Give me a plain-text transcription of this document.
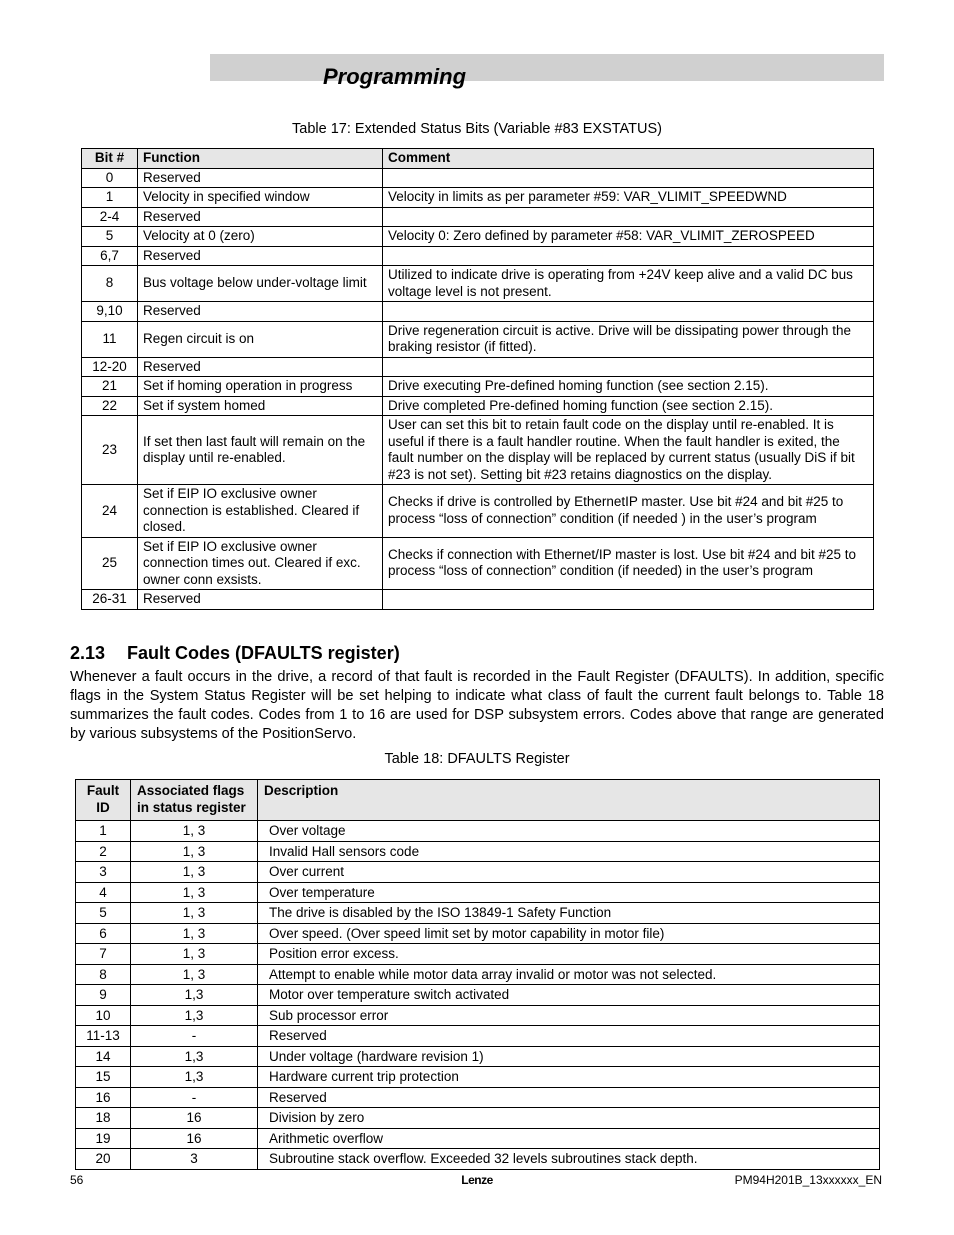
Programming
Table 17: Extended Status Bits (Variable #83 EXSTATUS)
Bit #	Function	Comment
0	Reserved	
1	Velocity in specified window	Velocity in limits as per parameter #59: VAR_VLIMIT_SPEEDWND
2-4	Reserved	
5	Velocity at 0 (zero)	Velocity 0: Zero defined by parameter #58: VAR_VLIMIT_ZEROSPEED
6,7	Reserved	
8	Bus voltage below under-voltage limit	Utilized to indicate drive is operating from +24V keep alive and a valid DC bus voltage level is not present.
9,10	Reserved	
11	Regen circuit is on	Drive regeneration circuit is active. Drive will be dissipating power through the braking resistor (if fitted).
12-20	Reserved	
21	Set if homing operation in progress	Drive executing Pre-defined homing function (see section 2.15).
22	Set if system homed	Drive completed Pre-defined homing function (see section 2.15).
23	If set then last fault will remain on the display until re-enabled.	User can set this bit to retain fault code on the display until re-enabled. It is useful if there is a fault handler routine. When the fault handler is exited, the fault number on the display will be replaced by current status (usually DiS if bit #23 is not set). Setting bit #23 retains diagnostics on the display.
24	Set if EIP IO exclusive owner connection is established. Cleared if closed.	Checks if drive is controlled by EthernetIP master. Use bit #24 and bit #25 to process “loss of connection” condition (if needed ) in the user’s program
25	Set if EIP IO exclusive owner connection times out. Cleared if exc. owner conn exsists.	Checks if connection with Ethernet/IP master is lost. Use bit #24 and bit #25 to process “loss of connection” condition (if needed) in the user’s program
26-31	Reserved	
2.13 Fault Codes (DFAULTS register)
Whenever a fault occurs in the drive, a record of that fault is recorded in the Fault Register (DFAULTS). In addition, specific flags in the System Status Register will be set helping to indicate what class of fault the current fault belongs to. Table 18 summarizes the fault codes. Codes from 1 to 16 are used for DSP subsystem errors. Codes above that range are generated by various subsystems of the PositionServo.
Table 18: DFAULTS Register
Fault ID	Associated flags in status register	Description
1	1, 3	Over voltage
2	1, 3	Invalid Hall sensors code
3	1, 3	Over current
4	1, 3	Over temperature
5	1, 3	The drive is disabled by the ISO 13849-1 Safety Function
6	1, 3	Over speed. (Over speed limit set by motor capability in motor file)
7	1, 3	Position error excess.
8	1, 3	Attempt to enable while motor data array invalid or motor was not selected.
9	1,3	Motor over temperature switch activated
10	1,3	Sub processor error
11-13	-	Reserved
14	1,3	Under voltage (hardware revision 1)
15	1,3	Hardware current trip protection
16	-	Reserved
18	16	Division by zero
19	16	Arithmetic overflow
20	3	Subroutine stack overflow. Exceeded 32 levels subroutines stack depth.
56	Lenze	PM94H201B_13xxxxxx_EN
